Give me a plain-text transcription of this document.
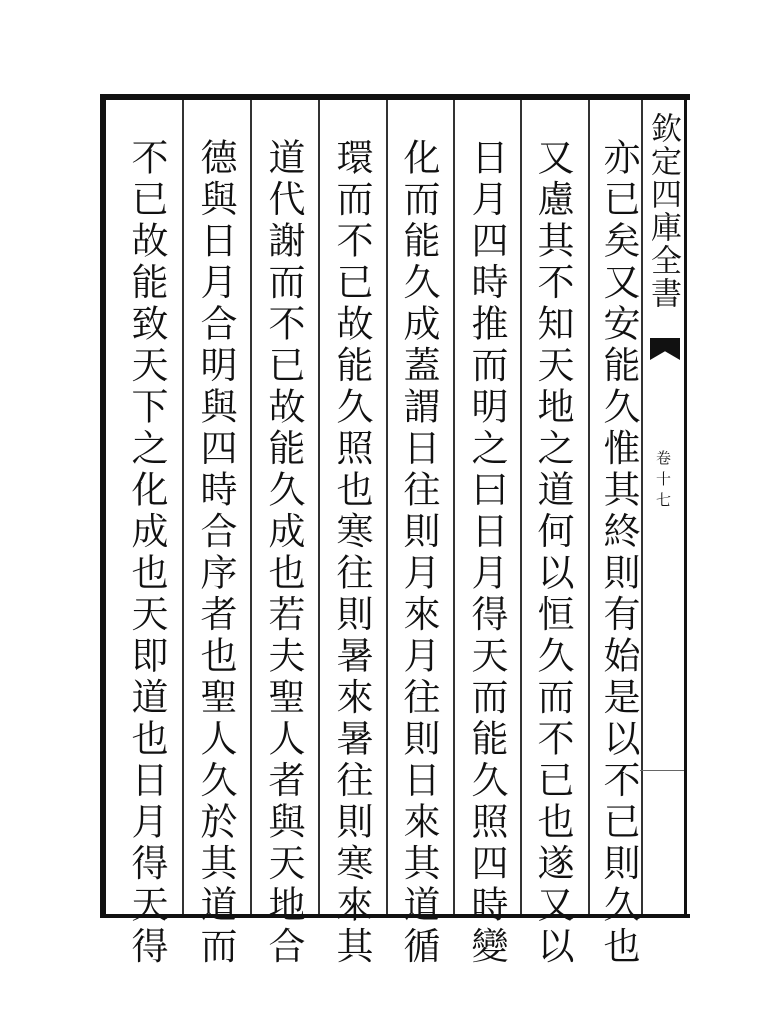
欽定四庫全書
卷十七
亦已矣又安能久惟其終則有始是以不已則久也
又慮其不知天地之道何以恒久而不已也遂又以
日月四時推而明之曰日月得天而能久照四時變
化而能久成蓋謂日往則月來月往則日來其道循
環而不已故能久照也寒往則暑來暑往則寒來其
道代謝而不已故能久成也若夫聖人者與天地合
德與日月合明與四時合序者也聖人久於其道而
不已故能致天下之化成也天即道也日月得天得
